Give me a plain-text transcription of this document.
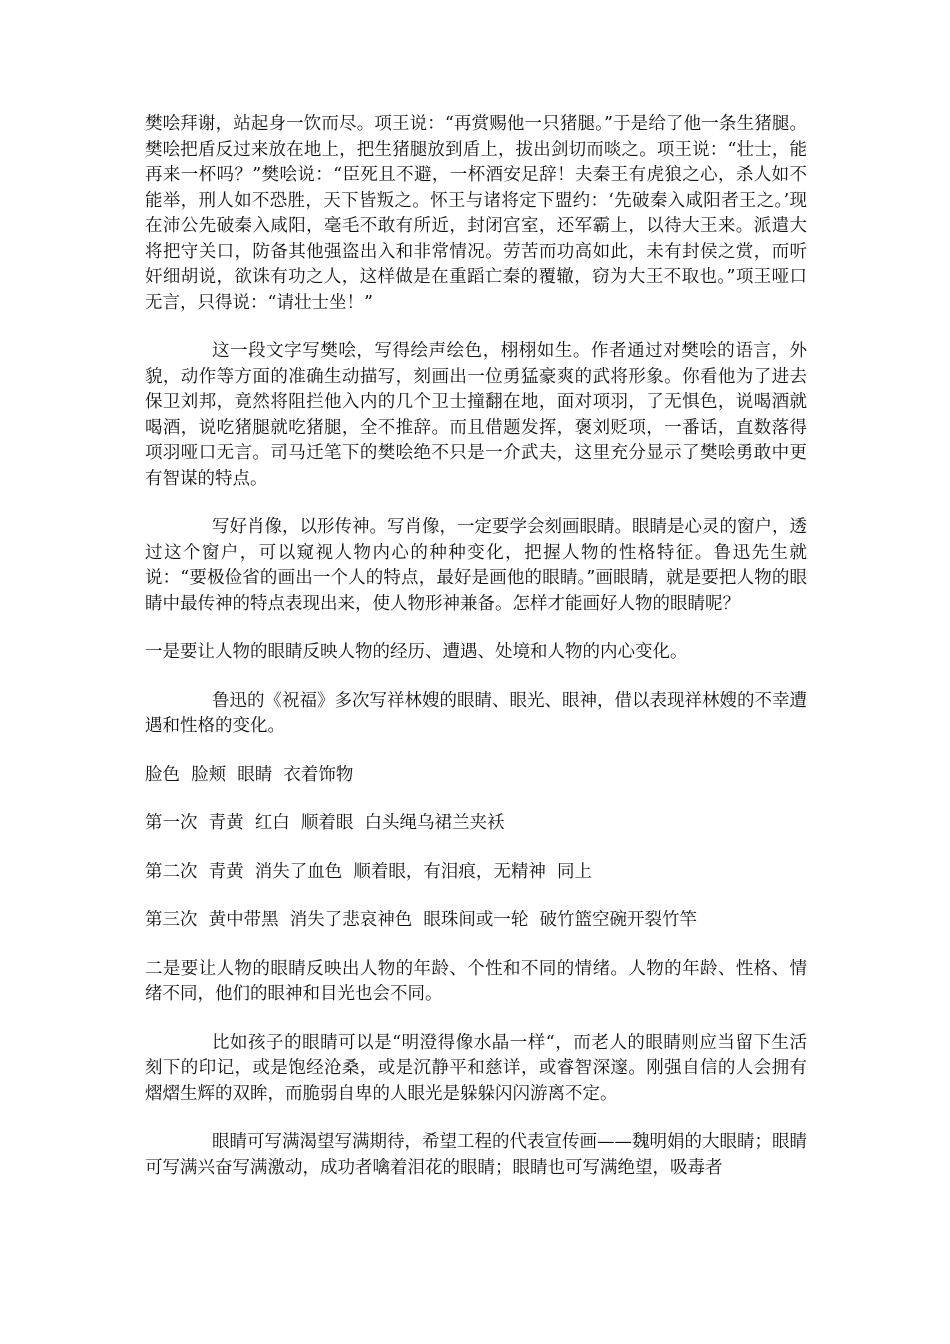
樊哙拜谢，站起身一饮而尽。项王说：“再赏赐他一只猪腿。”于是给了他一条生猪腿。樊哙把盾反过来放在地上，把生猪腿放到盾上，拔出剑切而啖之。项王说：“壮士，能再来一杯吗？”樊哙说：“臣死且不避，一杯酒安足辞！夫秦王有虎狼之心，杀人如不能举，刑人如不恐胜，天下皆叛之。怀王与诸将定下盟约：‘先破秦入咸阳者王之。’现在沛公先破秦入咸阳，毫毛不敢有所近，封闭宫室，还军霸上，以待大王来。派遣大将把守关口，防备其他强盗出入和非常情况。劳苦而功高如此，未有封侯之赏，而听奸细胡说，欲诛有功之人，这样做是在重蹈亡秦的覆辙，窃为大王不取也。”项王哑口无言，只得说：“请壮士坐！”

这一段文字写樊哙，写得绘声绘色，栩栩如生。作者通过对樊哙的语言，外貌，动作等方面的准确生动描写，刻画出一位勇猛豪爽的武将形象。你看他为了进去保卫刘邦，竟然将阻拦他入内的几个卫士撞翻在地，面对项羽，了无惧色，说喝酒就喝酒，说吃猪腿就吃猪腿，全不推辞。而且借题发挥，褒刘贬项，一番话，直数落得项羽哑口无言。司马迁笔下的樊哙绝不只是一介武夫，这里充分显示了樊哙勇敢中更有智谋的特点。

写好肖像，以形传神。写肖像，一定要学会刻画眼睛。眼睛是心灵的窗户，透过这个窗户，可以窥视人物内心的种种变化，把握人物的性格特征。鲁迅先生就说：“要极俭省的画出一个人的特点，最好是画他的眼睛。”画眼睛，就是要把人物的眼睛中最传神的特点表现出来，使人物形神兼备。怎样才能画好人物的眼睛呢？

一是要让人物的眼睛反映人物的经历、遭遇、处境和人物的内心变化。

鲁迅的《祝福》多次写祥林嫂的眼睛、眼光、眼神，借以表现祥林嫂的不幸遭遇和性格的变化。

脸色  脸颊  眼睛  衣着饰物

第一次  青黄  红白  顺着眼  白头绳乌裙兰夹袄

第二次  青黄  消失了血色  顺着眼，有泪痕，无精神  同上

第三次  黄中带黑  消失了悲哀神色  眼珠间或一轮  破竹篮空碗开裂竹竿

二是要让人物的眼睛反映出人物的年龄、个性和不同的情绪。人物的年龄、性格、情绪不同，他们的眼神和目光也会不同。

比如孩子的眼睛可以是“明澄得像水晶一样“，而老人的眼睛则应当留下生活刻下的印记，或是饱经沧桑，或是沉静平和慈详，或睿智深邃。刚强自信的人会拥有熠熠生辉的双眸，而脆弱自卑的人眼光是躲躲闪闪游离不定。

眼睛可写满渴望写满期待，希望工程的代表宣传画——魏明娟的大眼睛；眼睛可写满兴奋写满激动，成功者噙着泪花的眼睛；眼睛也可写满绝望，吸毒者
